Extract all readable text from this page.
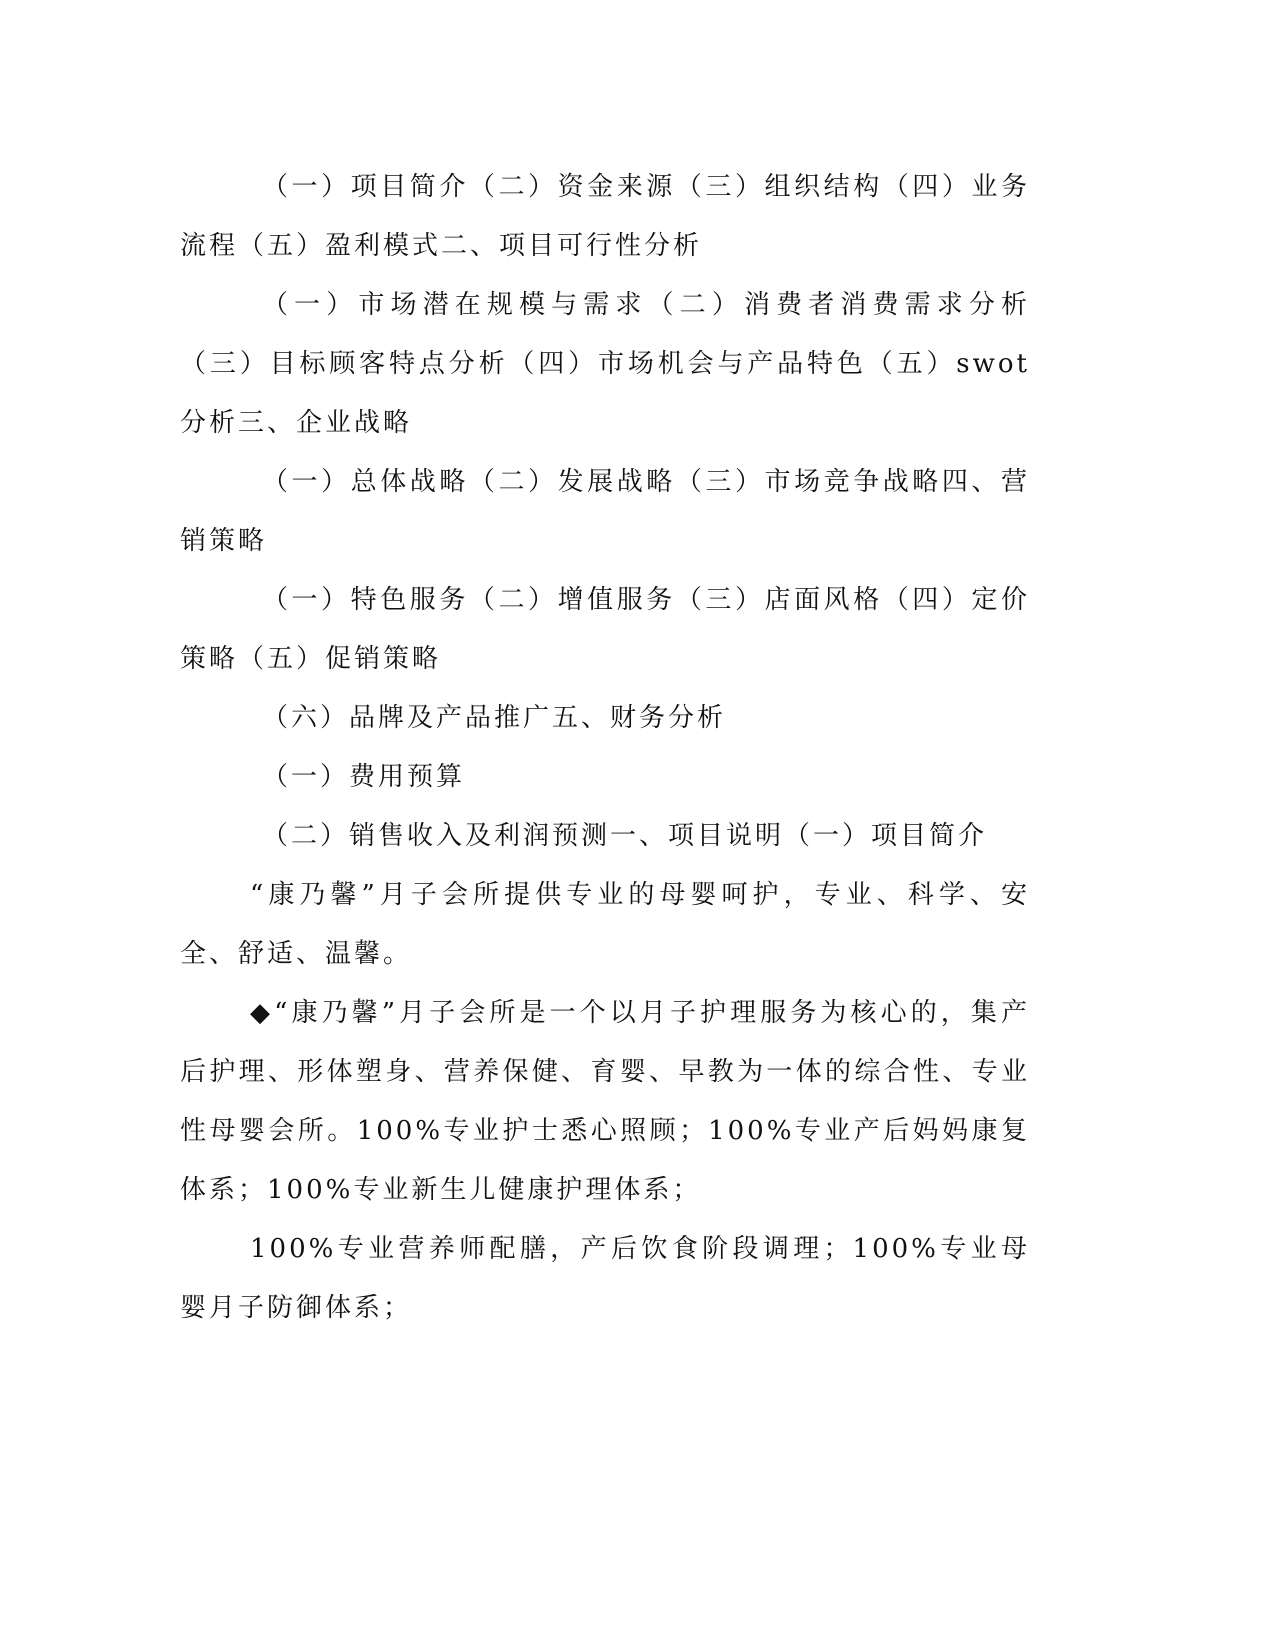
（一）项目简介（二）资金来源（三）组织结构（四）业务流程（五）盈利模式二、项目可行性分析

（一）市场潜在规模与需求（二）消费者消费需求分析（三）目标顾客特点分析（四）市场机会与产品特色（五）swot分析三、企业战略

（一）总体战略（二）发展战略（三）市场竞争战略四、营销策略

（一）特色服务（二）增值服务（三）店面风格（四）定价策略（五）促销策略

（六）品牌及产品推广五、财务分析

（一）费用预算

（二）销售收入及利润预测一、项目说明（一）项目简介

“康乃馨”月子会所提供专业的母婴呵护，专业、科学、安全、舒适、温馨。

◆“康乃馨”月子会所是一个以月子护理服务为核心的，集产后护理、形体塑身、营养保健、育婴、早教为一体的综合性、专业性母婴会所。100%专业护士悉心照顾；100%专业产后妈妈康复体系；100%专业新生儿健康护理体系；

100%专业营养师配膳，产后饮食阶段调理；100%专业母婴月子防御体系；
